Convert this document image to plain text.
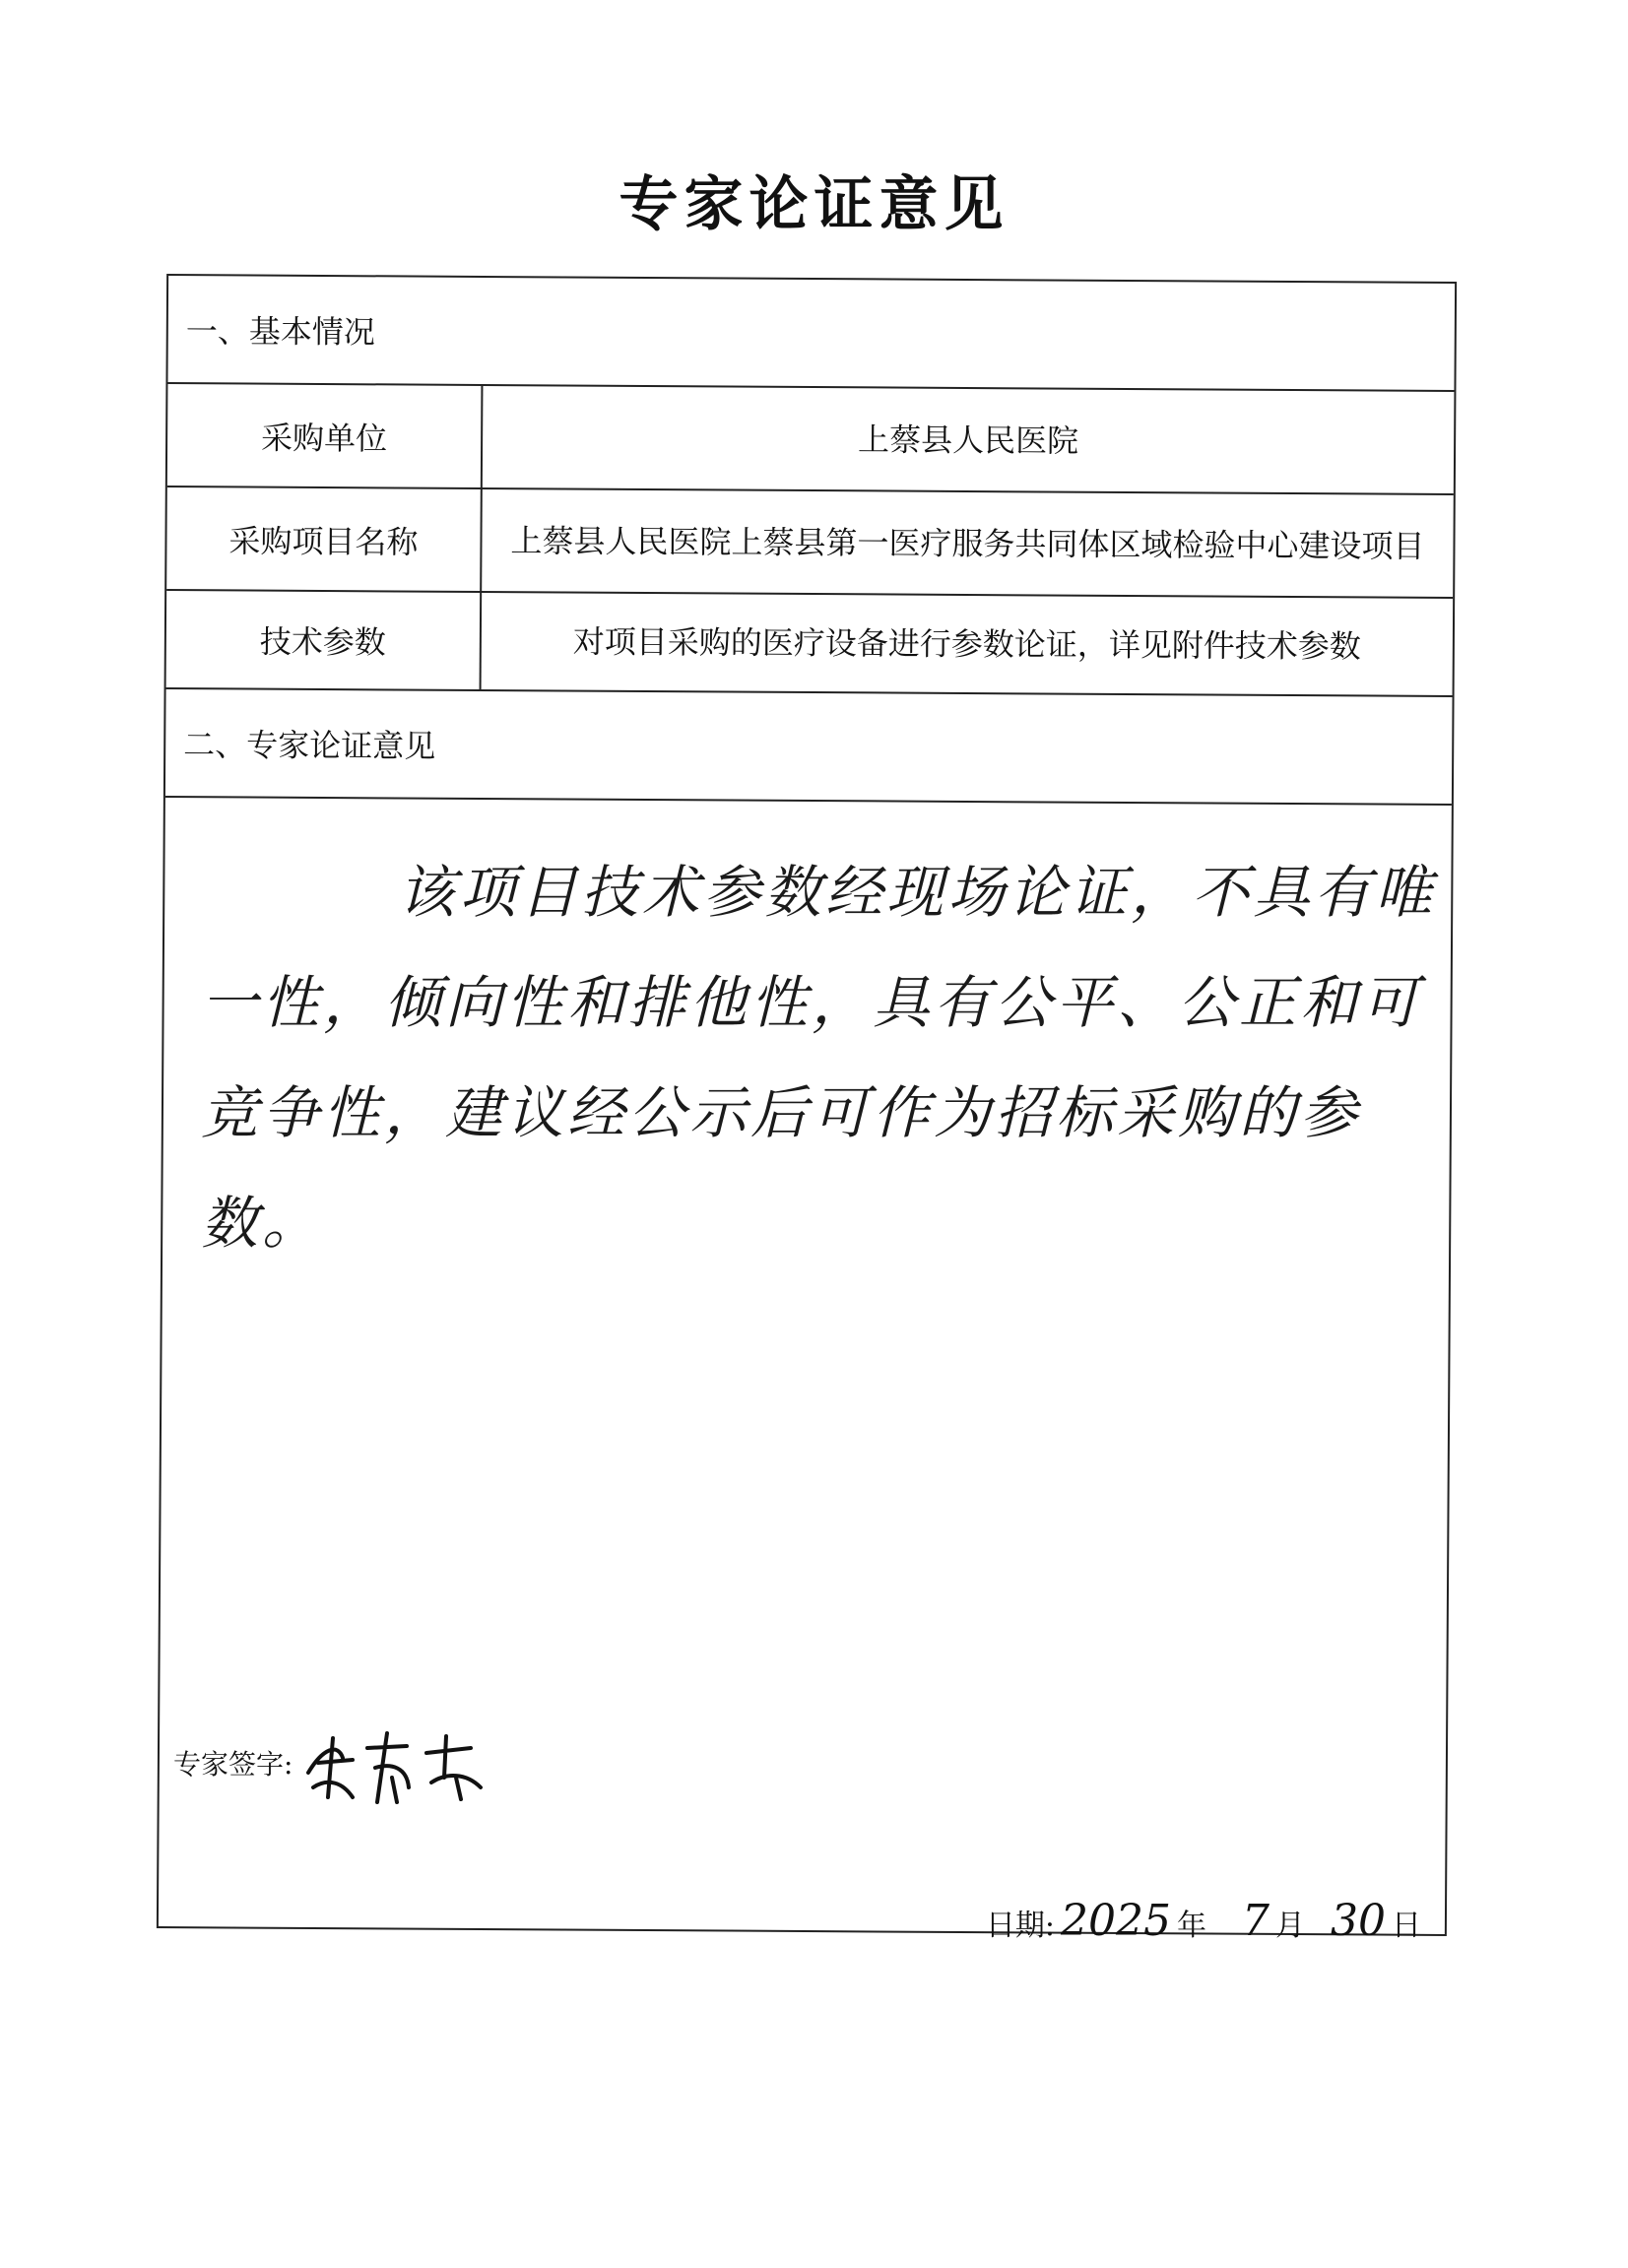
专家论证意见
一、基本情况
采购单位	上蔡县人民医院
采购项目名称	上蔡县人民医院上蔡县第一医疗服务共同体区域检验中心建设项目
技术参数	对项目采购的医疗设备进行参数论证，详见附件技术参数
二、专家论证意见
该项目技术参数经现场论证，不具有唯一性，倾向性和排他性，具有公平、公正和可竞争性，建议经公示后可作为招标采购的参数。
专家签字:
日期: 2025 年 7 月 30 日
